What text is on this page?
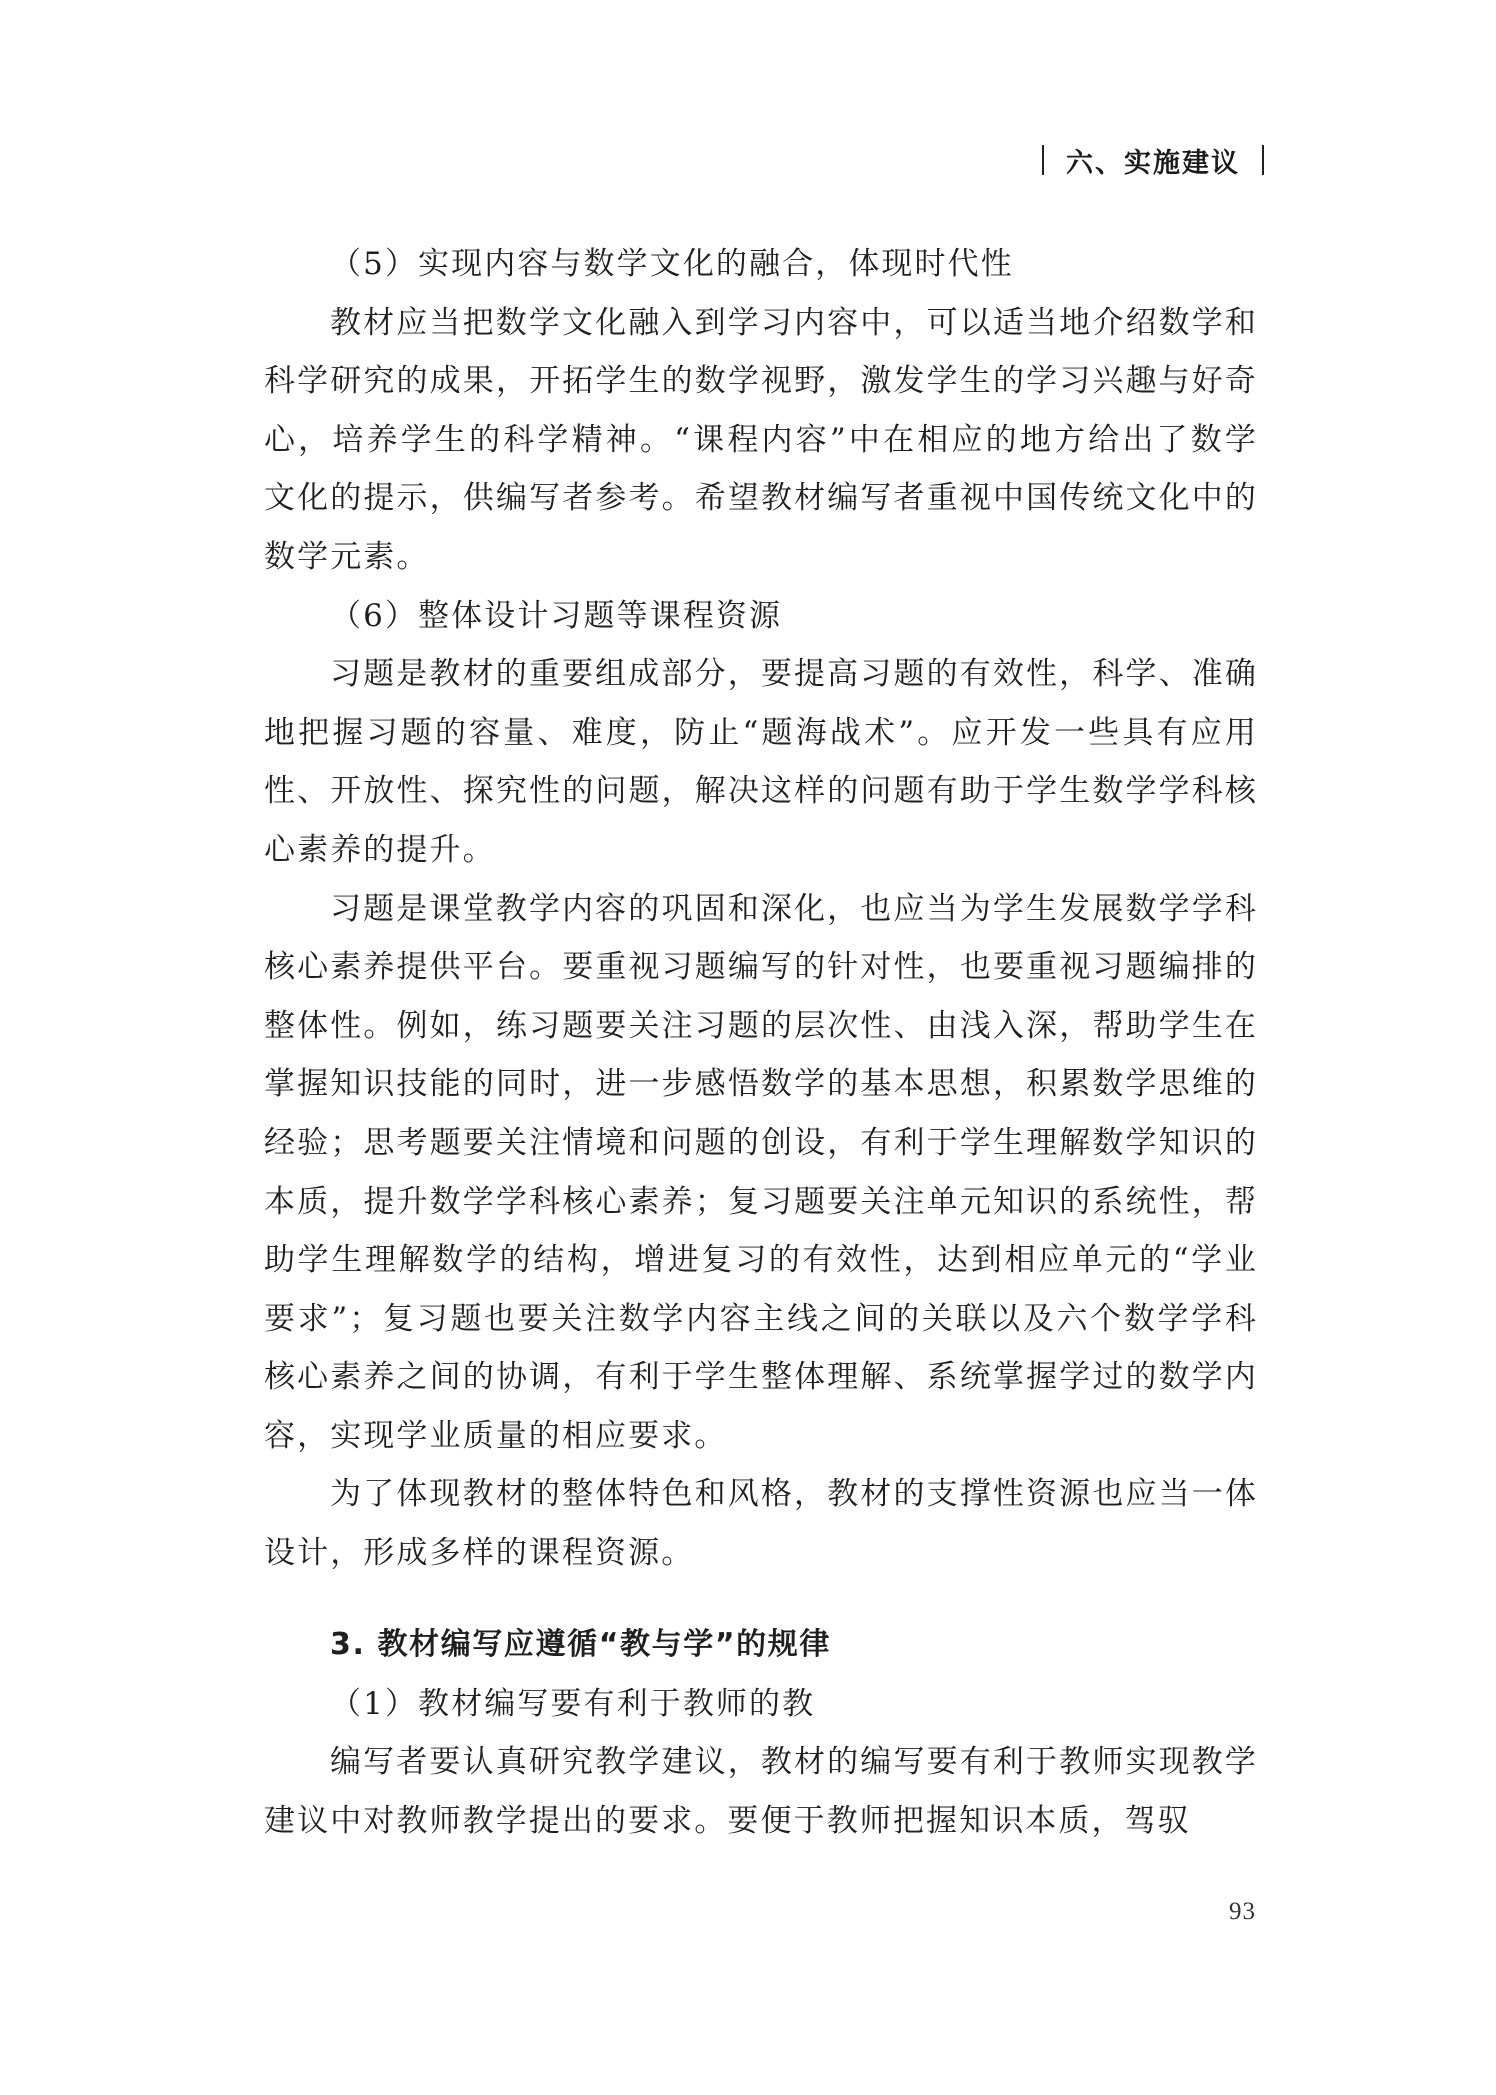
六、实施建议

（5）实现内容与数学文化的融合，体现时代性

教材应当把数学文化融入到学习内容中，可以适当地介绍数学和科学研究的成果，开拓学生的数学视野，激发学生的学习兴趣与好奇心，培养学生的科学精神。“课程内容”中在相应的地方给出了数学文化的提示，供编写者参考。希望教材编写者重视中国传统文化中的数学元素。

（6）整体设计习题等课程资源

习题是教材的重要组成部分，要提高习题的有效性，科学、准确地把握习题的容量、难度，防止“题海战术”。应开发一些具有应用性、开放性、探究性的问题，解决这样的问题有助于学生数学学科核心素养的提升。

习题是课堂教学内容的巩固和深化，也应当为学生发展数学学科核心素养提供平台。要重视习题编写的针对性，也要重视习题编排的整体性。例如，练习题要关注习题的层次性、由浅入深，帮助学生在掌握知识技能的同时，进一步感悟数学的基本思想，积累数学思维的经验；思考题要关注情境和问题的创设，有利于学生理解数学知识的本质，提升数学学科核心素养；复习题要关注单元知识的系统性，帮助学生理解数学的结构，增进复习的有效性，达到相应单元的“学业要求”；复习题也要关注数学内容主线之间的关联以及六个数学学科核心素养之间的协调，有利于学生整体理解、系统掌握学过的数学内容，实现学业质量的相应要求。

为了体现教材的整体特色和风格，教材的支撑性资源也应当一体设计，形成多样的课程资源。

3. 教材编写应遵循“教与学”的规律

（1）教材编写要有利于教师的教

编写者要认真研究教学建议，教材的编写要有利于教师实现教学建议中对教师教学提出的要求。要便于教师把握知识本质，驾驭

93
